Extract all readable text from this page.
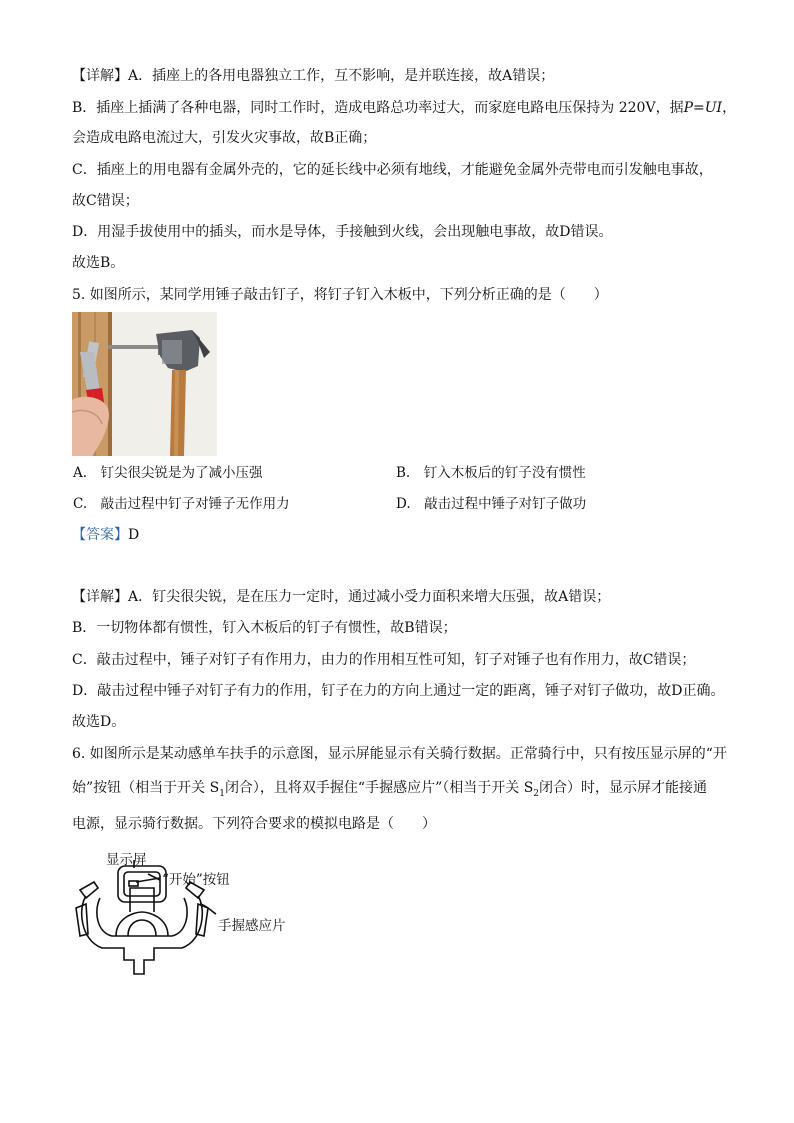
【详解】A．插座上的各用电器独立工作，互不影响，是并联连接，故A错误；
B．插座上插满了各种电器，同时工作时，造成电路总功率过大，而家庭电路电压保持为 220V，据P=UI，
会造成电路电流过大，引发火灾事故，故B正确；
C．插座上的用电器有金属外壳的，它的延长线中必须有地线，才能避免金属外壳带电而引发触电事故，
故C错误；
D．用湿手拔使用中的插头，而水是导体，手接触到火线，会出现触电事故，故D错误。
故选B。
5. 如图所示，某同学用锤子敲击钉子，将钉子钉入木板中，下列分析正确的是（　　）
A.　钉尖很尖锐是为了减小压强	B.　钉入木板后的钉子没有惯性
C.　敲击过程中钉子对锤子无作用力	D.　敲击过程中锤子对钉子做功
【答案】D
【详解】A．钉尖很尖锐，是在压力一定时，通过减小受力面积来增大压强，故A错误；
B．一切物体都有惯性，钉入木板后的钉子有惯性，故B错误；
C．敲击过程中，锤子对钉子有作用力，由力的作用相互性可知，钉子对锤子也有作用力，故C错误；
D．敲击过程中锤子对钉子有力的作用，钉子在力的方向上通过一定的距离，锤子对钉子做功，故D正确。
故选D。
6. 如图所示是某动感单车扶手的示意图，显示屏能显示有关骑行数据。正常骑行中，只有按压显示屏的“开
始”按钮（相当于开关 $S_1$闭合），且将双手握住“手握感应片”（相当于开关 $S_2$闭合）时，显示屏才能接通
电源，显示骑行数据。下列符合要求的模拟电路是（　　）
显示屏
“开始”按钮
手握感应片
